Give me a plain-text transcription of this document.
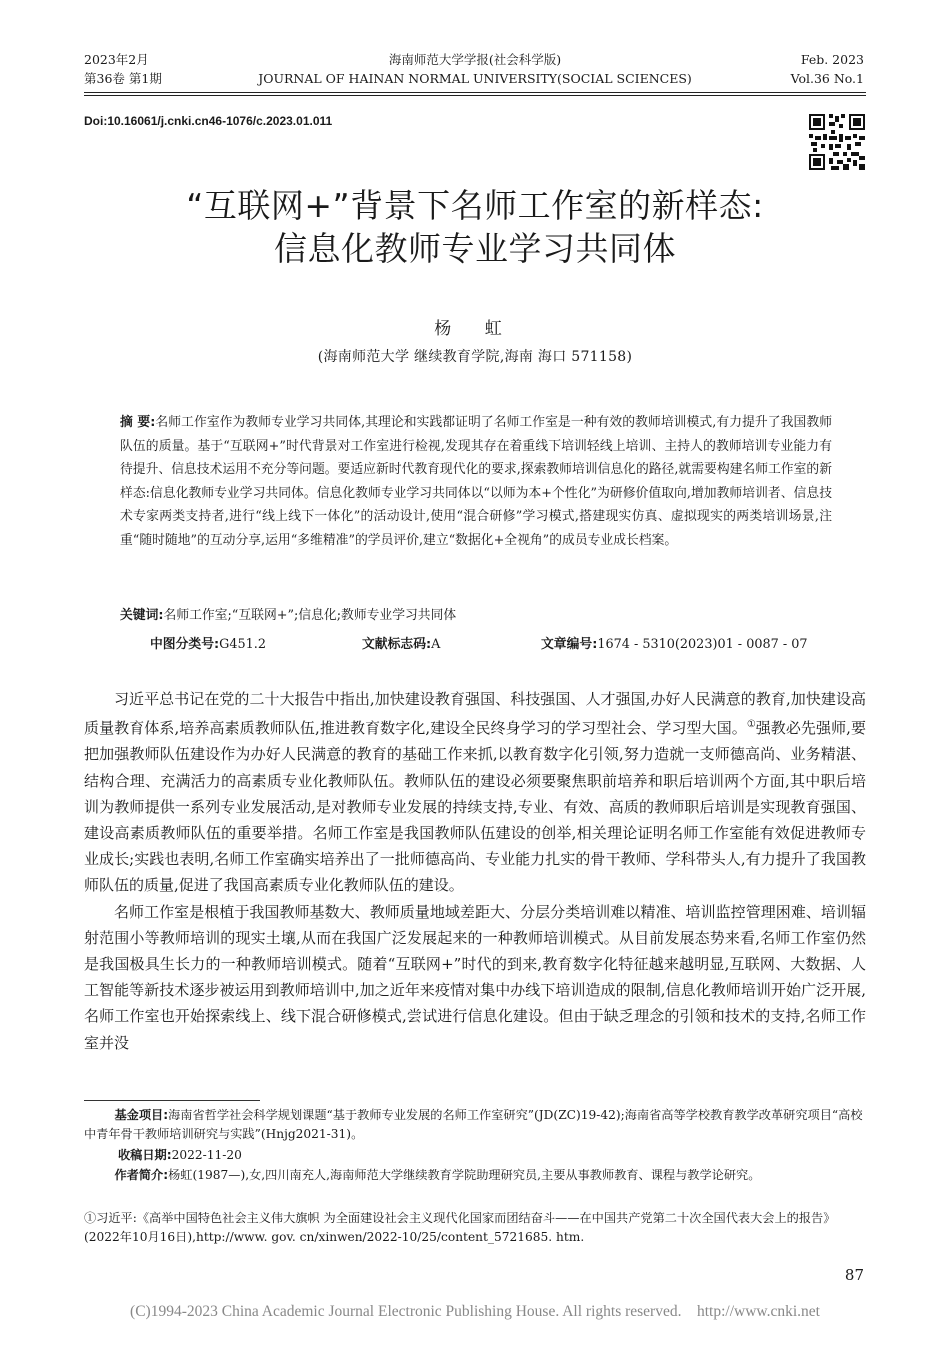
2023年2月
第36卷 第1期
海南师范大学学报(社会科学版)
JOURNAL OF HAINAN NORMAL UNIVERSITY(SOCIAL SCIENCES)
Feb. 2023
Vol.36 No.1
Doi:10.16061/j.cnki.cn46-1076/c.2023.01.011
“互联网+”背景下名师工作室的新样态:
信息化教师专业学习共同体
杨 虹
(海南师范大学 继续教育学院,海南 海口 571158)
摘 要:名师工作室作为教师专业学习共同体,其理论和实践都证明了名师工作室是一种有效的教师培训模式,有力提升了我国教师队伍的质量。基于“互联网+”时代背景对工作室进行检视,发现其存在着重线下培训轻线上培训、主持人的教师培训专业能力有待提升、信息技术运用不充分等问题。要适应新时代教育现代化的要求,探索教师培训信息化的路径,就需要构建名师工作室的新样态:信息化教师专业学习共同体。信息化教师专业学习共同体以“以师为本+个性化”为研修价值取向,增加教师培训者、信息技术专家两类支持者,进行“线上线下一体化”的活动设计,使用“混合研修”学习模式,搭建现实仿真、虚拟现实的两类培训场景,注重“随时随地”的互动分享,运用“多维精准”的学员评价,建立“数据化+全视角”的成员专业成长档案。
关键词:名师工作室;“互联网+”;信息化;教师专业学习共同体
中图分类号:G451.2	文献标志码:A	文章编号:1674 - 5310(2023)01 - 0087 - 07

习近平总书记在党的二十大报告中指出,加快建设教育强国、科技强国、人才强国,办好人民满意的教育,加快建设高质量教育体系,培养高素质教师队伍,推进教育数字化,建设全民终身学习的学习型社会、学习型大国。①强教必先强师,要把加强教师队伍建设作为办好人民满意的教育的基础工作来抓,以教育数字化引领,努力造就一支师德高尚、业务精湛、结构合理、充满活力的高素质专业化教师队伍。教师队伍的建设必须要聚焦职前培养和职后培训两个方面,其中职后培训为教师提供一系列专业发展活动,是对教师专业发展的持续支持,专业、有效、高质的教师职后培训是实现教育强国、建设高素质教师队伍的重要举措。名师工作室是我国教师队伍建设的创举,相关理论证明名师工作室能有效促进教师专业成长;实践也表明,名师工作室确实培养出了一批师德高尚、专业能力扎实的骨干教师、学科带头人,有力提升了我国教师队伍的质量,促进了我国高素质专业化教师队伍的建设。

名师工作室是根植于我国教师基数大、教师质量地域差距大、分层分类培训难以精准、培训监控管理困难、培训辐射范围小等教师培训的现实土壤,从而在我国广泛发展起来的一种教师培训模式。从目前发展态势来看,名师工作室仍然是我国极具生长力的一种教师培训模式。随着“互联网+”时代的到来,教育数字化特征越来越明显,互联网、大数据、人工智能等新技术逐步被运用到教师培训中,加之近年来疫情对集中办线下培训造成的限制,信息化教师培训开始广泛开展,名师工作室也开始探索线上、线下混合研修模式,尝试进行信息化建设。但由于缺乏理念的引领和技术的支持,名师工作室并没

基金项目:海南省哲学社会科学规划课题“基于教师专业发展的名师工作室研究”(JD(ZC)19-42);海南省高等学校教育教学改革研究项目“高校中青年骨干教师培训研究与实践”(Hnjg2021-31)。
收稿日期:2022-11-20
作者简介:杨虹(1987—),女,四川南充人,海南师范大学继续教育学院助理研究员,主要从事教师教育、课程与教学论研究。
①习近平:《高举中国特色社会主义伟大旗帜 为全面建设社会主义现代化国家而团结奋斗——在中国共产党第二十次全国代表大会上的报告》(2022年10月16日),http://www. gov. cn/xinwen/2022-10/25/content_5721685. htm.
87
(C)1994-2023 China Academic Journal Electronic Publishing House. All rights reserved.    http://www.cnki.net
